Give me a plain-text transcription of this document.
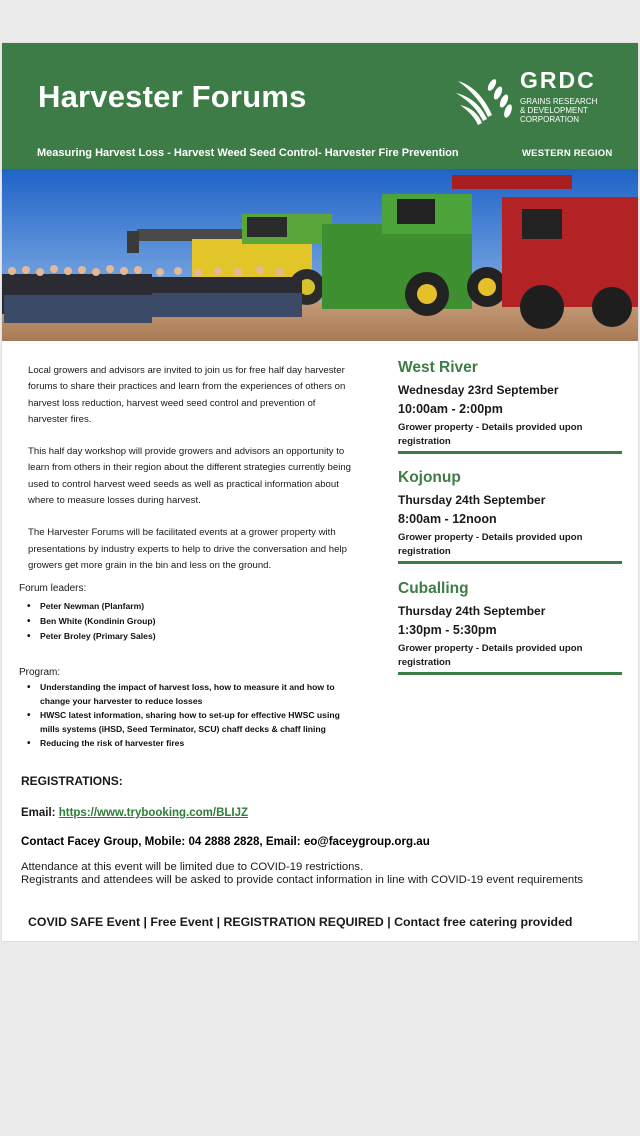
Harvester Forums
Measuring Harvest Loss - Harvest Weed Seed Control- Harvester Fire Prevention	WESTERN REGION
GRDC
GRAINS RESEARCH
& DEVELOPMENT
CORPORATION

Local growers and advisors are invited to join us for free half day harvester forums to share their practices and learn from the experiences of others on harvest loss reduction, harvest weed seed control and prevention of harvester fires.

This half day workshop will provide growers and advisors an opportunity to learn from others in their region about the different strategies currently being used to control harvest weed seeds as well as practical information about where to measure losses during harvest.

The Harvester Forums will be facilitated events at a grower property with presentations by industry experts to help to drive the conversation and help growers get more grain in the bin and less on the ground.

Forum leaders:
• Peter Newman (Planfarm)
• Ben White (Kondinin Group)
• Peter Broley (Primary Sales)
Program:
• Understanding the impact of harvest loss, how to measure it and how to change your harvester to reduce losses
• HWSC latest information, sharing how to set-up for effective HWSC using mills systems (iHSD, Seed Terminator, SCU) chaff decks & chaff lining
• Reducing the risk of harvester fires
West River
Wednesday 23rd September
10:00am - 2:00pm
Grower property - Details provided upon registration
Kojonup
Thursday 24th September
8:00am - 12noon
Grower property - Details provided upon registration
Cuballing
Thursday 24th September
1:30pm - 5:30pm
Grower property - Details provided upon registration
REGISTRATIONS:
Email: https://www.trybooking.com/BLIJZ
Contact Facey Group, Mobile: 04 2888 2828, Email: eo@faceygroup.org.au
Attendance at this event will be limited due to COVID-19 restrictions.
Registrants and attendees will be asked to provide contact information in line with COVID-19 event requirements
COVID SAFE Event | Free Event | REGISTRATION REQUIRED | Contact free catering provided
